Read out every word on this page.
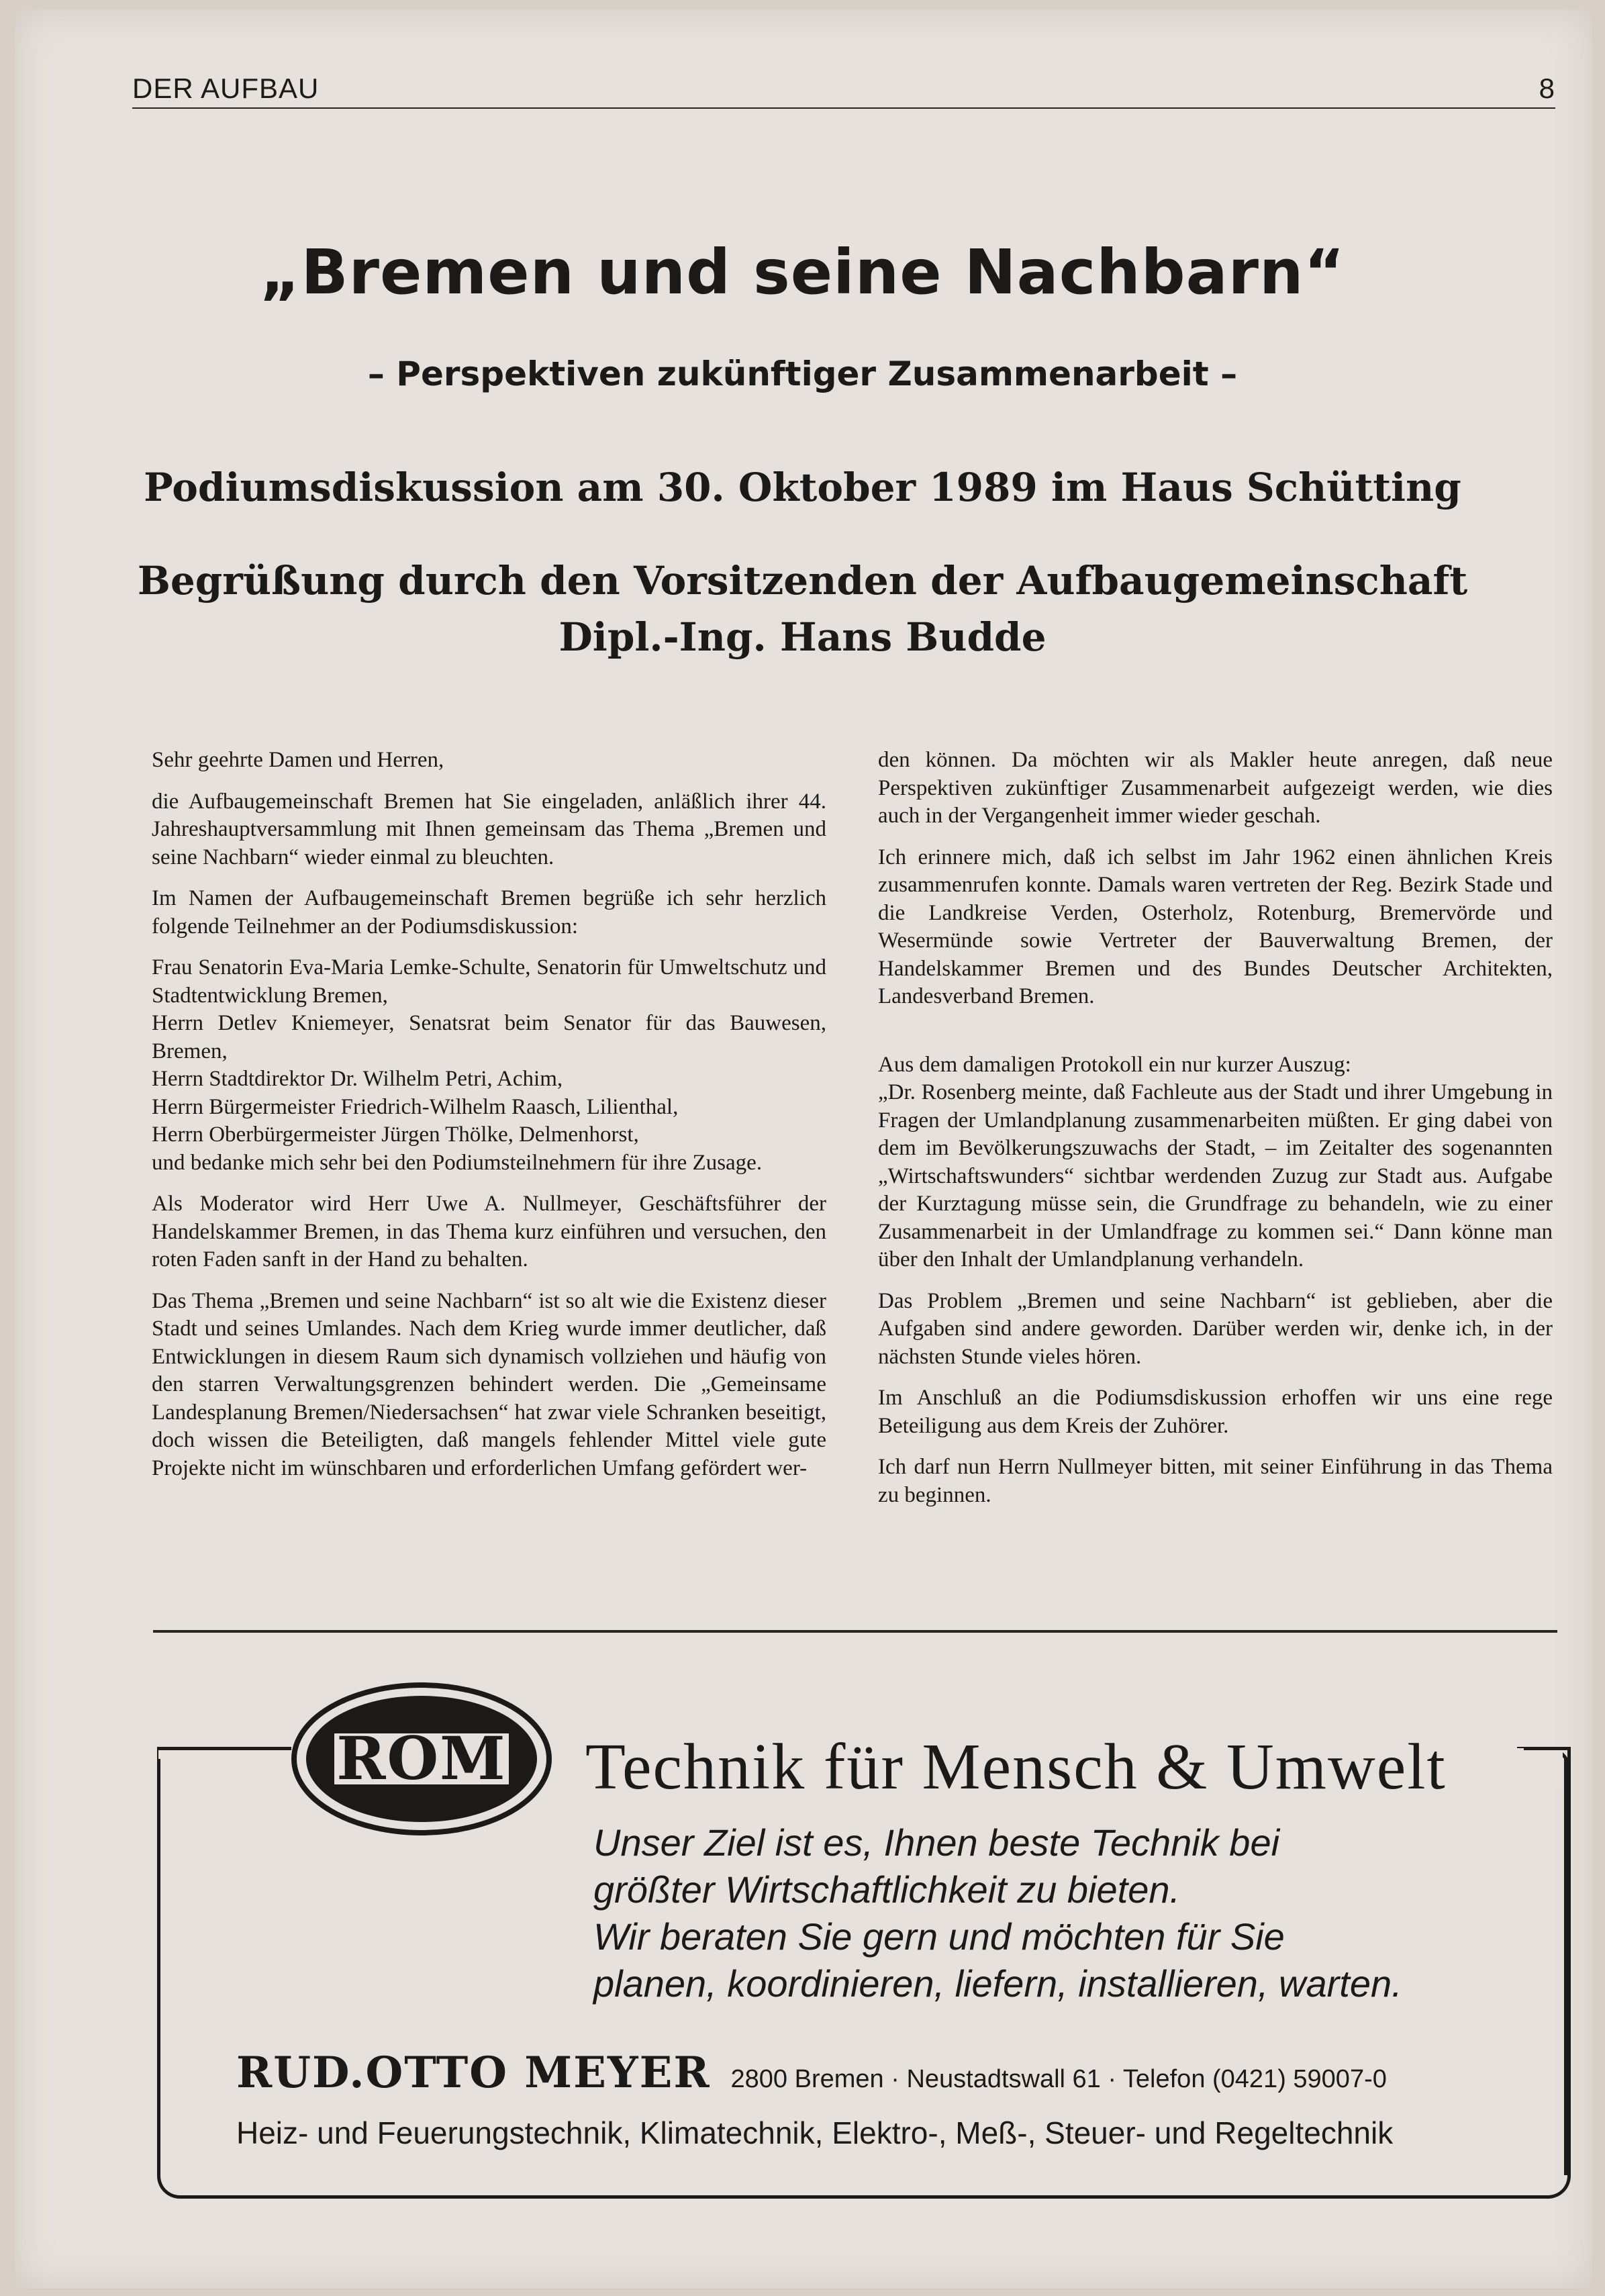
DER AUFBAU	8
„Bremen und seine Nachbarn“
– Perspektiven zukünftiger Zusammenarbeit –
Podiumsdiskussion am 30. Oktober 1989 im Haus Schütting
Begrüßung durch den Vorsitzenden der Aufbaugemeinschaft
Dipl.-Ing. Hans Budde

Sehr geehrte Damen und Herren,

die Aufbaugemeinschaft Bremen hat Sie eingeladen, anläßlich ihrer 44. Jahreshauptversammlung mit Ihnen gemeinsam das Thema „Bremen und seine Nachbarn“ wieder einmal zu bleuchten.

Im Namen der Aufbaugemeinschaft Bremen begrüße ich sehr herzlich folgende Teilnehmer an der Podiumsdiskussion:

Frau Senatorin Eva-Maria Lemke-Schulte, Senatorin für Umweltschutz und Stadtentwicklung Bremen,
Herrn Detlev Kniemeyer, Senatsrat beim Senator für das Bauwesen, Bremen,
Herrn Stadtdirektor Dr. Wilhelm Petri, Achim,
Herrn Bürgermeister Friedrich-Wilhelm Raasch, Lilienthal,
Herrn Oberbürgermeister Jürgen Thölke, Delmenhorst,
und bedanke mich sehr bei den Podiumsteilnehmern für ihre Zusage.

Als Moderator wird Herr Uwe A. Nullmeyer, Geschäftsführer der Handelskammer Bremen, in das Thema kurz einführen und versuchen, den roten Faden sanft in der Hand zu behalten.

Das Thema „Bremen und seine Nachbarn“ ist so alt wie die Existenz dieser Stadt und seines Umlandes. Nach dem Krieg wurde immer deutlicher, daß Entwicklungen in diesem Raum sich dynamisch vollziehen und häufig von den starren Verwaltungsgrenzen behindert werden. Die „Gemeinsame Landesplanung Bremen/Niedersachsen“ hat zwar viele Schranken beseitigt, doch wissen die Beteiligten, daß mangels fehlender Mittel viele gute Projekte nicht im wünschbaren und erforderlichen Umfang gefördert wer-

den können. Da möchten wir als Makler heute anregen, daß neue Perspektiven zukünftiger Zusammenarbeit aufgezeigt werden, wie dies auch in der Vergangenheit immer wieder geschah.

Ich erinnere mich, daß ich selbst im Jahr 1962 einen ähnlichen Kreis zusammenrufen konnte. Damals waren vertreten der Reg. Bezirk Stade und die Landkreise Verden, Osterholz, Rotenburg, Bremervörde und Wesermünde sowie Vertreter der Bauverwaltung Bremen, der Handelskammer Bremen und des Bundes Deutscher Architekten, Landesverband Bremen.

Aus dem damaligen Protokoll ein nur kurzer Auszug:

„Dr. Rosenberg meinte, daß Fachleute aus der Stadt und ihrer Umgebung in Fragen der Umlandplanung zusammenarbeiten müßten. Er ging dabei von dem im Bevölkerungszuwachs der Stadt, – im Zeitalter des sogenannten „Wirtschaftswunders“ sichtbar werdenden Zuzug zur Stadt aus. Aufgabe der Kurztagung müsse sein, die Grundfrage zu behandeln, wie zu einer Zusammenarbeit in der Umlandfrage zu kommen sei.“ Dann könne man über den Inhalt der Umlandplanung verhandeln.

Das Problem „Bremen und seine Nachbarn“ ist geblieben, aber die Aufgaben sind andere geworden. Darüber werden wir, denke ich, in der nächsten Stunde vieles hören.

Im Anschluß an die Podiumsdiskussion erhoffen wir uns eine rege Beteiligung aus dem Kreis der Zuhörer.

Ich darf nun Herrn Nullmeyer bitten, mit seiner Einführung in das Thema zu beginnen.

ROM Technik für Mensch & Umwelt
Unser Ziel ist es, Ihnen beste Technik bei
größter Wirtschaftlichkeit zu bieten.
Wir beraten Sie gern und möchten für Sie
planen, koordinieren, liefern, installieren, warten.
RUD.OTTO MEYER 2800 Bremen · Neustadtswall 61 · Telefon (0421) 59007-0
Heiz- und Feuerungstechnik, Klimatechnik, Elektro-, Meß-, Steuer- und Regeltechnik
